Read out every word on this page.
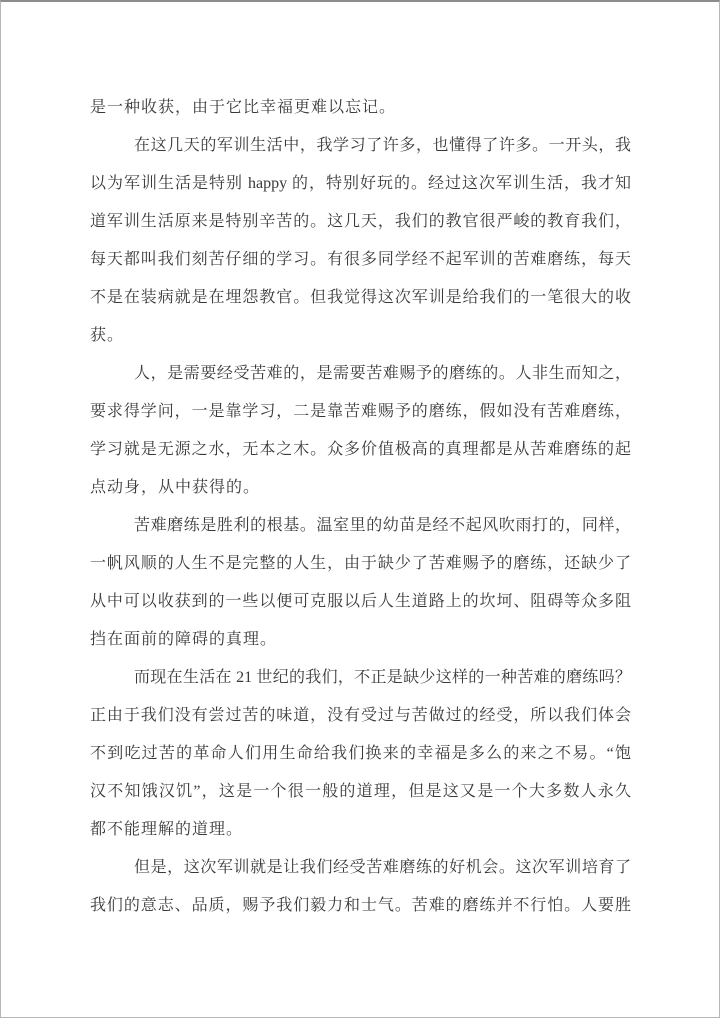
是一种收获，由于它比幸福更难以忘记。
在这几天的军训生活中，我学习了许多，也懂得了许多。一开头，我
以为军训生活是特别 happy 的，特别好玩的。经过这次军训生活，我才知
道军训生活原来是特别辛苦的。这几天，我们的教官很严峻的教育我们，
每天都叫我们刻苦仔细的学习。有很多同学经不起军训的苦难磨练，每天
不是在装病就是在埋怨教官。但我觉得这次军训是给我们的一笔很大的收
获。
人，是需要经受苦难的，是需要苦难赐予的磨练的。人非生而知之，
要求得学问，一是靠学习，二是靠苦难赐予的磨练，假如没有苦难磨练，
学习就是无源之水，无本之木。众多价值极高的真理都是从苦难磨练的起
点动身，从中获得的。
苦难磨练是胜利的根基。温室里的幼苗是经不起风吹雨打的，同样，
一帆风顺的人生不是完整的人生，由于缺少了苦难赐予的磨练，还缺少了
从中可以收获到的一些以便可克服以后人生道路上的坎坷、阻碍等众多阻
挡在面前的障碍的真理。
而现在生活在 21 世纪的我们，不正是缺少这样的一种苦难的磨练吗？
正由于我们没有尝过苦的味道，没有受过与苦做过的经受，所以我们体会
不到吃过苦的革命人们用生命给我们换来的幸福是多么的来之不易。“饱
汉不知饿汉饥”，这是一个很一般的道理，但是这又是一个大多数人永久
都不能理解的道理。
但是，这次军训就是让我们经受苦难磨练的好机会。这次军训培育了
我们的意志、品质，赐予我们毅力和士气。苦难的磨练并不行怕。人要胜
